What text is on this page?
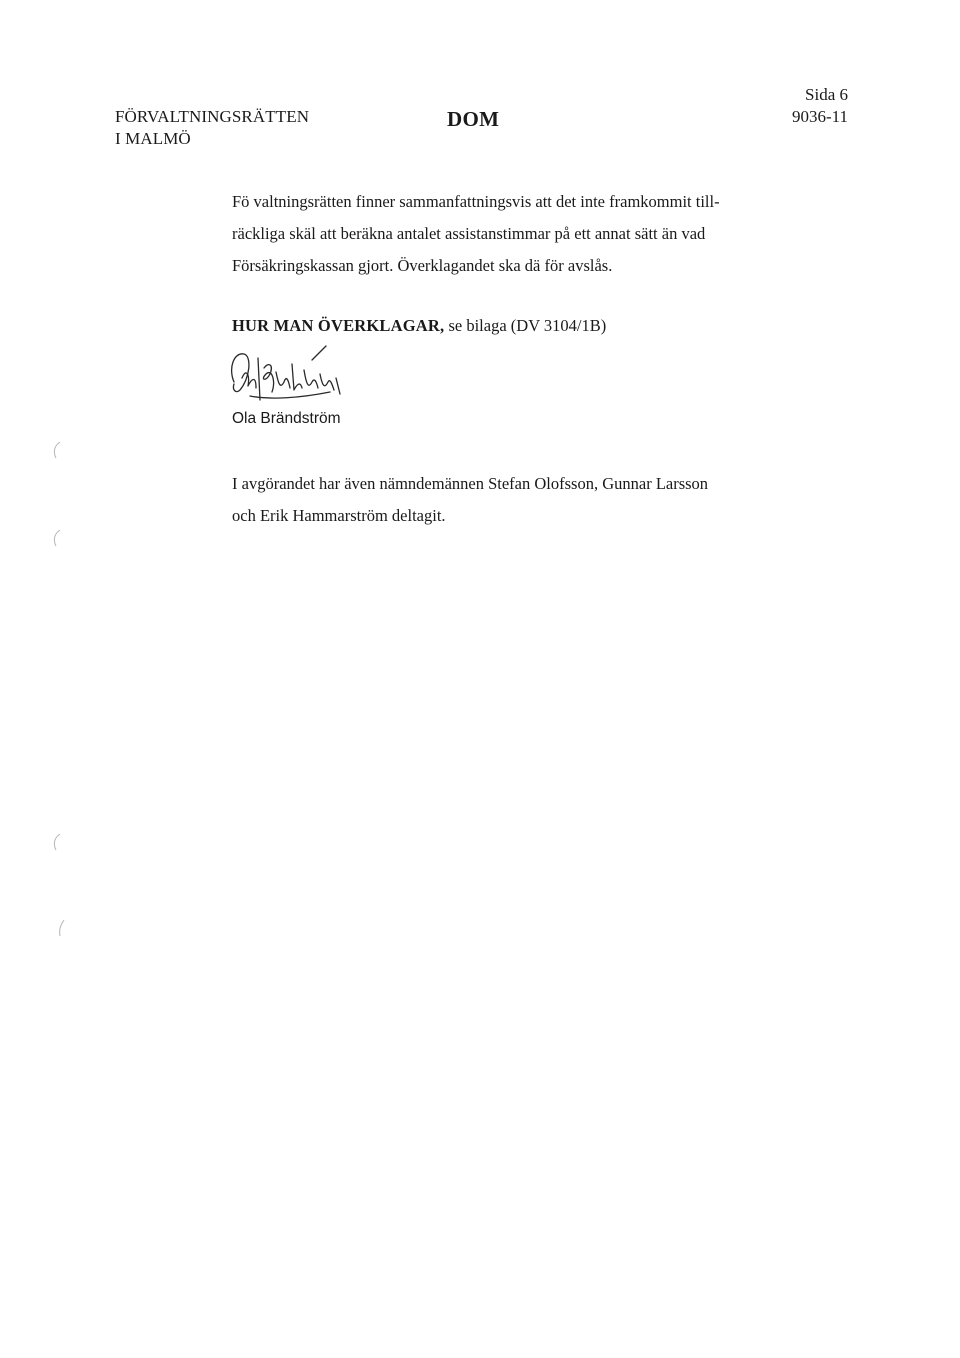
FÖRVALTNINGSRÄTTEN
I MALMÖ
DOM
Sida 6
9036-11
Fö valtningsrätten finner sammanfattningsvis att det inte framkommit till-
räckliga skäl att beräkna antalet assistanstimmar på ett annat sätt än vad
Försäkringskassan gjort. Överklagandet ska dä för avslås.
HUR MAN ÖVERKLAGAR, se bilaga (DV 3104/1B)
Ola Brändström
I avgörandet har även nämndemännen Stefan Olofsson, Gunnar Larsson
och Erik Hammarström deltagit.
